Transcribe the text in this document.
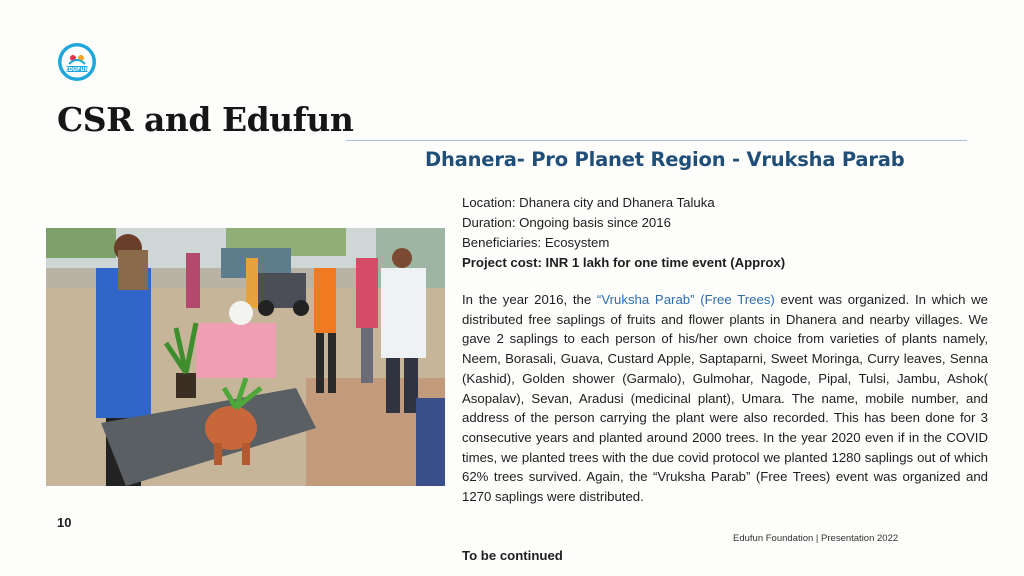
EDUFUN
CSR and Edufun
Dhanera- Pro Planet Region - Vruksha Parab
Location: Dhanera city and Dhanera Taluka
Duration: Ongoing basis since 2016
Beneficiaries: Ecosystem
Project cost: INR 1 lakh for one time event (Approx)
In the year 2016, the “Vruksha Parab” (Free Trees) event was organized. In which we distributed free saplings of fruits and flower plants in Dhanera and nearby villages. We gave 2 saplings to each person of his/her own choice from varieties of plants namely, Neem, Borasali, Guava, Custard Apple, Saptaparni, Sweet Moringa, Curry leaves, Senna (Kashid), Golden shower (Garmalo), Gulmohar, Nagode, Pipal, Tulsi, Jambu, Ashok( Asopalav), Sevan, Aradusi (medicinal plant), Umara. The name, mobile number, and address of the person carrying the plant were also recorded. This has been done for 3 consecutive years and planted around 2000 trees. In the year 2020 even if in the COVID times, we planted trees with the due covid protocol we planted 1280 saplings out of which 62% trees survived. Again, the “Vruksha Parab” (Free Trees) event was organized and 1270 saplings were distributed.
10
Edufun Foundation | Presentation 2022
To be continued
